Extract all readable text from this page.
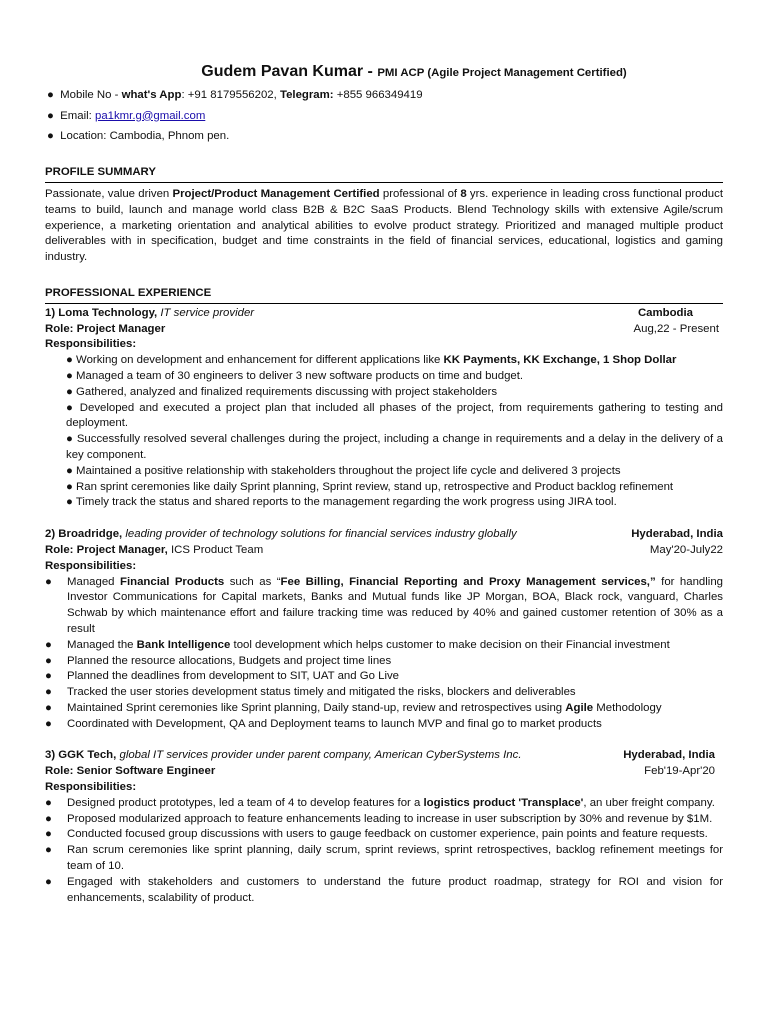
Gudem Pavan Kumar - PMI ACP (Agile Project Management Certified)
● Mobile No - what's App: +91 8179556202, Telegram: +855 966349419
● Email: pa1kmr.g@gmail.com
● Location: Cambodia, Phnom pen.
PROFILE SUMMARY
Passionate, value driven Project/Product Management Certified professional of 8 yrs. experience in leading cross functional product teams to build, launch and manage world class B2B & B2C SaaS Products. Blend Technology skills with extensive Agile/scrum experience, a marketing orientation and analytical abilities to evolve product strategy. Prioritized and managed multiple product deliverables with in specification, budget and time constraints in the field of financial services, educational, logistics and gaming industry.
PROFESSIONAL EXPERIENCE
1) Loma Technology, IT service provider	Cambodia
Role: Project Manager	Aug,22 - Present
Responsibilities:
● Working on development and enhancement for different applications like KK Payments, KK Exchange, 1 Shop Dollar
● Managed a team of 30 engineers to deliver 3 new software products on time and budget.
● Gathered, analyzed and finalized requirements discussing with project stakeholders
● Developed and executed a project plan that included all phases of the project, from requirements gathering to testing and deployment.
● Successfully resolved several challenges during the project, including a change in requirements and a delay in the delivery of a key component.
● Maintained a positive relationship with stakeholders throughout the project life cycle and delivered 3 projects
● Ran sprint ceremonies like daily Sprint planning, Sprint review, stand up, retrospective and Product backlog refinement
● Timely track the status and shared reports to the management regarding the work progress using JIRA tool.
2) Broadridge, leading provider of technology solutions for financial services industry globally	Hyderabad, India
Role: Project Manager, ICS Product Team	May'20-July22
Responsibilities:
● Managed Financial Products such as “Fee Billing, Financial Reporting and Proxy Management services,” for handling Investor Communications for Capital markets, Banks and Mutual funds like JP Morgan, BOA, Black rock, vanguard, Charles Schwab by which maintenance effort and failure tracking time was reduced by 40% and gained customer retention of 30% as a result
● Managed the Bank Intelligence tool development which helps customer to make decision on their Financial investment
● Planned the resource allocations, Budgets and project time lines
● Planned the deadlines from development to SIT, UAT and Go Live
● Tracked the user stories development status timely and mitigated the risks, blockers and deliverables
● Maintained Sprint ceremonies like Sprint planning, Daily stand-up, review and retrospectives using Agile Methodology
● Coordinated with Development, QA and Deployment teams to launch MVP and final go to market products
3) GGK Tech, global IT services provider under parent company, American CyberSystems Inc.	Hyderabad, India
Role: Senior Software Engineer	Feb'19-Apr'20
Responsibilities:
● Designed product prototypes, led a team of 4 to develop features for a logistics product 'Transplace', an uber freight company.
● Proposed modularized approach to feature enhancements leading to increase in user subscription by 30% and revenue by $1M.
● Conducted focused group discussions with users to gauge feedback on customer experience, pain points and feature requests.
● Ran scrum ceremonies like sprint planning, daily scrum, sprint reviews, sprint retrospectives, backlog refinement meetings for team of 10.
● Engaged with stakeholders and customers to understand the future product roadmap, strategy for ROI and vision for enhancements, scalability of product.
